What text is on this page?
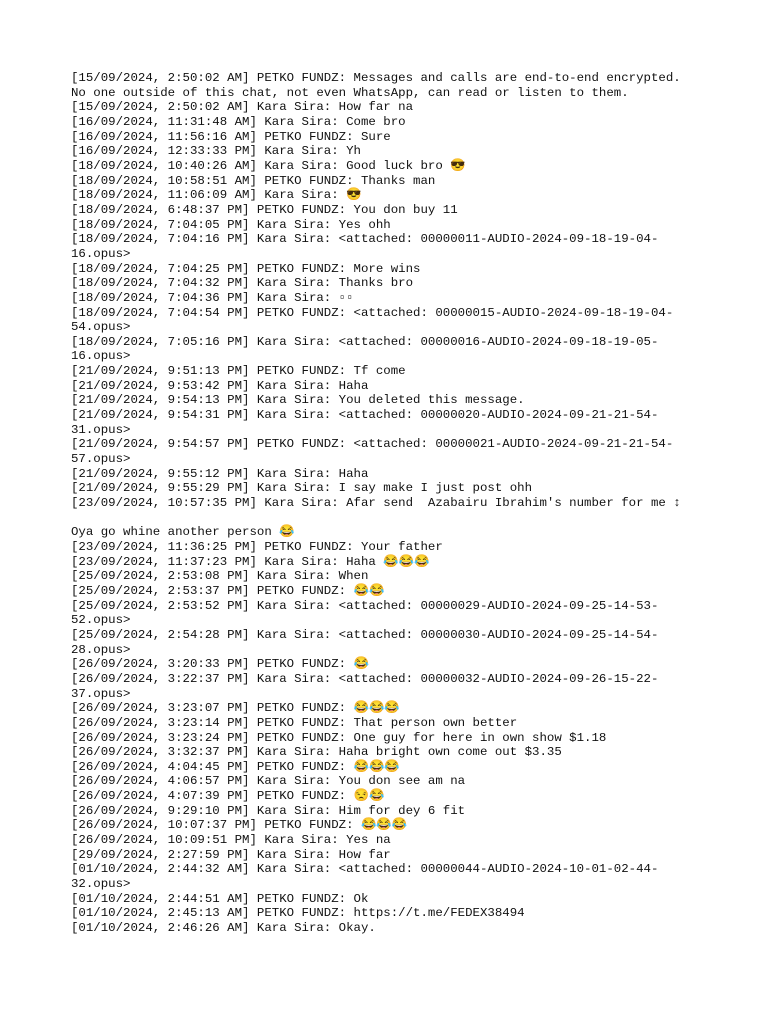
[15/09/2024, 2:50:02 AM] PETKO FUNDZ: Messages and calls are end-to-end encrypted.
No one outside of this chat, not even WhatsApp, can read or listen to them.
[15/09/2024, 2:50:02 AM] Kara Sira: How far na
[16/09/2024, 11:31:48 AM] Kara Sira: Come bro
[16/09/2024, 11:56:16 AM] PETKO FUNDZ: Sure
[16/09/2024, 12:33:33 PM] Kara Sira: Yh
[18/09/2024, 10:40:26 AM] Kara Sira: Good luck bro 😎
[18/09/2024, 10:58:51 AM] PETKO FUNDZ: Thanks man
[18/09/2024, 11:06:09 AM] Kara Sira: 😎
[18/09/2024, 6:48:37 PM] PETKO FUNDZ: You don buy 11
[18/09/2024, 7:04:05 PM] Kara Sira: Yes ohh
[18/09/2024, 7:04:16 PM] Kara Sira: <attached: 00000011-AUDIO-2024-09-18-19-04-
16.opus>
[18/09/2024, 7:04:25 PM] PETKO FUNDZ: More wins
[18/09/2024, 7:04:32 PM] Kara Sira: Thanks bro
[18/09/2024, 7:04:36 PM] Kara Sira: ▫▫
[18/09/2024, 7:04:54 PM] PETKO FUNDZ: <attached: 00000015-AUDIO-2024-09-18-19-04-
54.opus>
[18/09/2024, 7:05:16 PM] Kara Sira: <attached: 00000016-AUDIO-2024-09-18-19-05-
16.opus>
[21/09/2024, 9:51:13 PM] PETKO FUNDZ: Tf come
[21/09/2024, 9:53:42 PM] Kara Sira: Haha
[21/09/2024, 9:54:13 PM] Kara Sira: You deleted this message.
[21/09/2024, 9:54:31 PM] Kara Sira: <attached: 00000020-AUDIO-2024-09-21-21-54-
31.opus>
[21/09/2024, 9:54:57 PM] PETKO FUNDZ: <attached: 00000021-AUDIO-2024-09-21-21-54-
57.opus>
[21/09/2024, 9:55:12 PM] Kara Sira: Haha
[21/09/2024, 9:55:29 PM] Kara Sira: I say make I just post ohh
[23/09/2024, 10:57:35 PM] Kara Sira: Afar send  Azabairu Ibrahim's number for me ↕
Oya go whine another person 😂
[23/09/2024, 11:36:25 PM] PETKO FUNDZ: Your father
[23/09/2024, 11:37:23 PM] Kara Sira: Haha 😂😂😂
[25/09/2024, 2:53:08 PM] Kara Sira: When
[25/09/2024, 2:53:37 PM] PETKO FUNDZ: 😂😂
[25/09/2024, 2:53:52 PM] Kara Sira: <attached: 00000029-AUDIO-2024-09-25-14-53-
52.opus>
[25/09/2024, 2:54:28 PM] Kara Sira: <attached: 00000030-AUDIO-2024-09-25-14-54-
28.opus>
[26/09/2024, 3:20:33 PM] PETKO FUNDZ: 😂
[26/09/2024, 3:22:37 PM] Kara Sira: <attached: 00000032-AUDIO-2024-09-26-15-22-
37.opus>
[26/09/2024, 3:23:07 PM] PETKO FUNDZ: 😂😂😂
[26/09/2024, 3:23:14 PM] PETKO FUNDZ: That person own better
[26/09/2024, 3:23:24 PM] PETKO FUNDZ: One guy for here in own show $1.18
[26/09/2024, 3:32:37 PM] Kara Sira: Haha bright own come out $3.35
[26/09/2024, 4:04:45 PM] PETKO FUNDZ: 😂😂😂
[26/09/2024, 4:06:57 PM] Kara Sira: You don see am na
[26/09/2024, 4:07:39 PM] PETKO FUNDZ: 😒😂
[26/09/2024, 9:29:10 PM] Kara Sira: Him for dey 6 fit
[26/09/2024, 10:07:37 PM] PETKO FUNDZ: 😂😂😂
[26/09/2024, 10:09:51 PM] Kara Sira: Yes na
[29/09/2024, 2:27:59 PM] Kara Sira: How far
[01/10/2024, 2:44:32 AM] Kara Sira: <attached: 00000044-AUDIO-2024-10-01-02-44-
32.opus>
[01/10/2024, 2:44:51 AM] PETKO FUNDZ: Ok
[01/10/2024, 2:45:13 AM] PETKO FUNDZ: https://t.me/FEDEX38494
[01/10/2024, 2:46:26 AM] Kara Sira: Okay.
